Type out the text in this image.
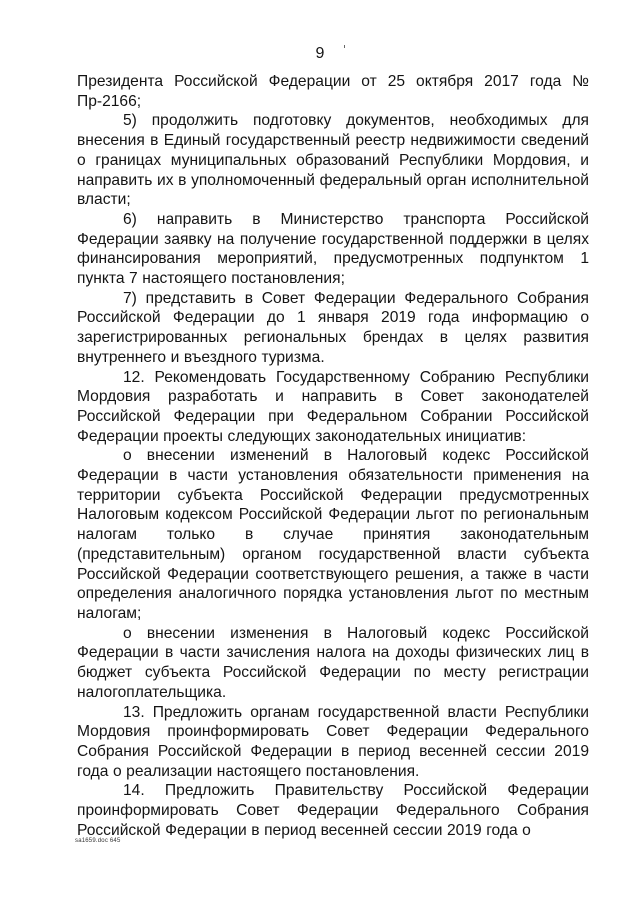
9

Президента Российской Федерации от 25 октября 2017 года № Пр-2166;

5) продолжить подготовку документов, необходимых для внесения в Единый государственный реестр недвижимости сведений о границах муниципальных образований Республики Мордовия, и направить их в уполномоченный федеральный орган исполнительной власти;

6) направить в Министерство транспорта Российской Федерации заявку на получение государственной поддержки в целях финансирования мероприятий, предусмотренных подпунктом 1 пункта 7 настоящего постановления;

7) представить в Совет Федерации Федерального Собрания Российской Федерации до 1 января 2019 года информацию о зарегистрированных региональных брендах в целях развития внутреннего и въездного туризма.

12. Рекомендовать Государственному Собранию Республики Мордовия разработать и направить в Совет законодателей Российской Федерации при Федеральном Собрании Российской Федерации проекты следующих законодательных инициатив:

о внесении изменений в Налоговый кодекс Российской Федерации в части установления обязательности применения на территории субъекта Российской Федерации предусмотренных Налоговым кодексом Российской Федерации льгот по региональным налогам только в случае принятия законодательным (представительным) органом государственной власти субъекта Российской Федерации соответствующего решения, а также в части определения аналогичного порядка установления льгот по местным налогам;

о внесении изменения в Налоговый кодекс Российской Федерации в части зачисления налога на доходы физических лиц в бюджет субъекта Российской Федерации по месту регистрации налогоплательщика.

13. Предложить органам государственной власти Республики Мордовия проинформировать Совет Федерации Федерального Собрания Российской Федерации в период весенней сессии 2019 года о реализации настоящего постановления.

14. Предложить Правительству Российской Федерации проинформировать Совет Федерации Федерального Собрания Российской Федерации в период весенней сессии 2019 года о

sa1659.doc 645
